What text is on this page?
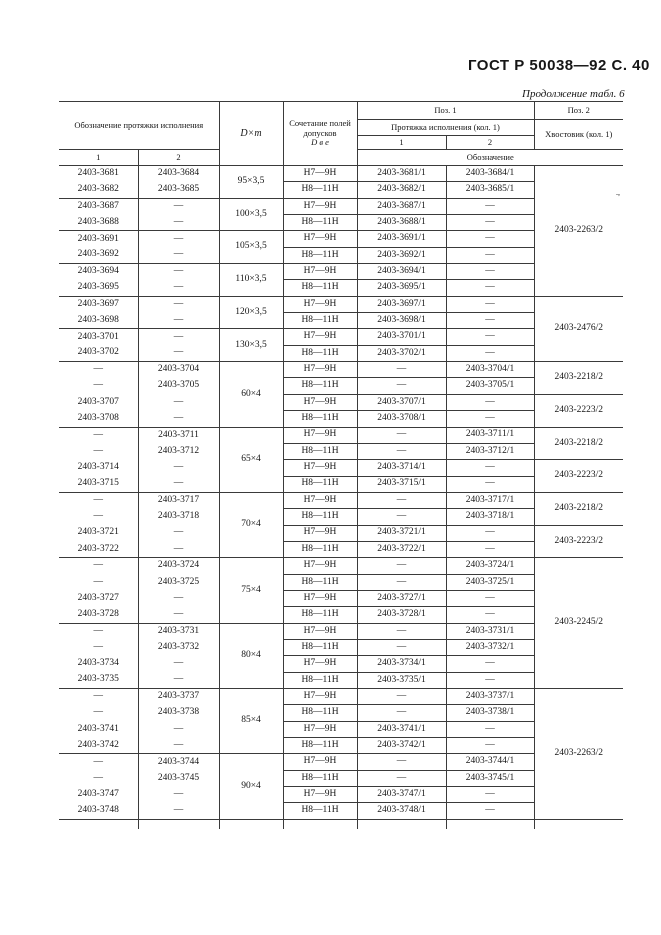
ГОСТ Р 50038—92 С. 40
Продолжение табл. 6
Обозначение протяжки исполнения		D×m	Сочетание полей
допусков
D в e	Поз. 1		Поз. 2
				Протяжка исполнения (кол. 1)		Хвостовик (кол. 1)
				1	2	
1	2			Обозначение		
2403-3681	2403-3684	95×3,5	H7—9H	2403-3681/1	2403-3684/1	2403-2263/2
2403-3682	2403-3685		H8—11H	2403-3682/1	2403-3685/1	
2403-3687	—	100×3,5	H7—9H	2403-3687/1	—	
2403-3688	—		H8—11H	2403-3688/1	—	
2403-3691	—	105×3,5	H7—9H	2403-3691/1	—	
2403-3692	—		H8—11H	2403-3692/1	—	
2403-3694	—	110×3,5	H7—9H	2403-3694/1	—	
2403-3695	—		H8—11H	2403-3695/1	—	
2403-3697	—	120×3,5	H7—9H	2403-3697/1	—	2403-2476/2
2403-3698	—		H8—11H	2403-3698/1	—	
2403-3701	—	130×3,5	H7—9H	2403-3701/1	—	
2403-3702	—		H8—11H	2403-3702/1	—	
—	2403-3704	60×4	H7—9H	—	2403-3704/1	2403-2218/2
—	2403-3705		H8—11H	—	2403-3705/1	
2403-3707	—		H7—9H	2403-3707/1	—	2403-2223/2
2403-3708	—		H8—11H	2403-3708/1	—	
—	2403-3711	65×4	H7—9H	—	2403-3711/1	2403-2218/2
—	2403-3712		H8—11H	—	2403-3712/1	
2403-3714	—		H7—9H	2403-3714/1	—	2403-2223/2
2403-3715	—		H8—11H	2403-3715/1	—	
—	2403-3717	70×4	H7—9H	—	2403-3717/1	2403-2218/2
—	2403-3718		H8—11H	—	2403-3718/1	
2403-3721	—		H7—9H	2403-3721/1	—	2403-2223/2
2403-3722	—		H8—11H	2403-3722/1	—	
—	2403-3724	75×4	H7—9H	—	2403-3724/1	2403-2245/2
—	2403-3725		H8—11H	—	2403-3725/1	
2403-3727	—		H7—9H	2403-3727/1	—	
2403-3728	—		H8—11H	2403-3728/1	—	
—	2403-3731	80×4	H7—9H	—	2403-3731/1	
—	2403-3732		H8—11H	—	2403-3732/1	
2403-3734	—		H7—9H	2403-3734/1	—	
2403-3735	—		H8—11H	2403-3735/1	—	
—	2403-3737	85×4	H7—9H	—	2403-3737/1	2403-2263/2
—	2403-3738		H8—11H	—	2403-3738/1	
2403-3741	—		H7—9H	2403-3741/1	—	
2403-3742	—		H8—11H	2403-3742/1	—	
—	2403-3744	90×4	H7—9H	—	2403-3744/1	
—	2403-3745		H8—11H	—	2403-3745/1	
2403-3747	—		H7—9H	2403-3747/1	—	
2403-3748	—		H8—11H	2403-3748/1	—	

.,
